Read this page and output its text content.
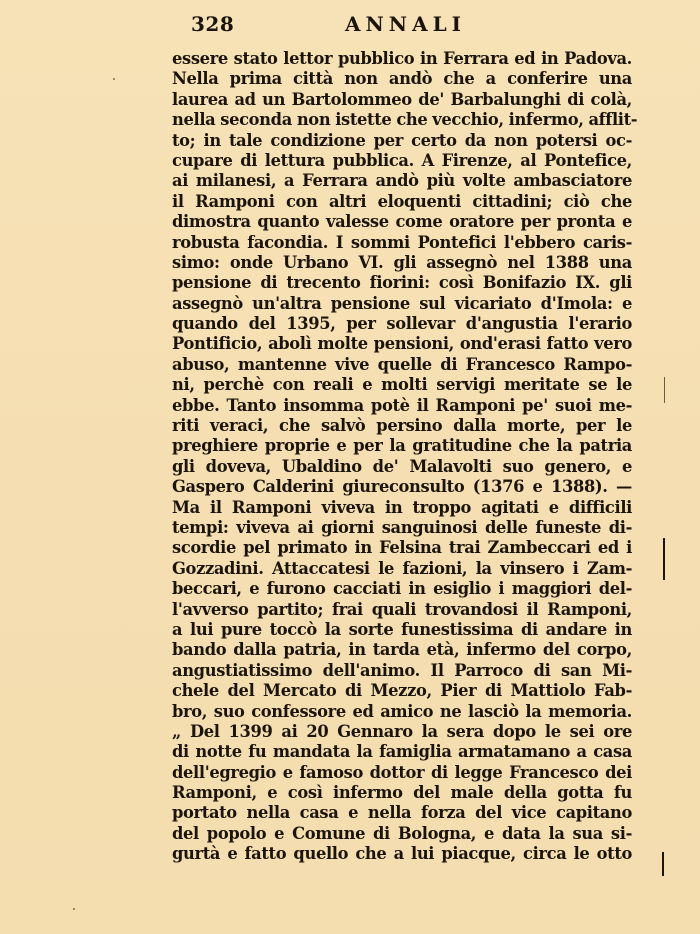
328	ANNALI
essere stato lettor pubblico in Ferrara ed in Padova.
Nella prima città non andò che a conferire una
laurea ad un Bartolommeo de' Barbalunghi di colà,
nella seconda non istette che vecchio, infermo, afflit-
to; in tale condizione per certo da non potersi oc-
cupare di lettura pubblica. A Firenze, al Pontefice,
ai milanesi, a Ferrara andò più volte ambasciatore
il Ramponi con altri eloquenti cittadini; ciò che
dimostra quanto valesse come oratore per pronta e
robusta facondia. I sommi Pontefici l'ebbero caris-
simo: onde Urbano VI. gli assegnò nel 1388 una
pensione di trecento fiorini: così Bonifazio IX. gli
assegnò un'altra pensione sul vicariato d'Imola: e
quando del 1395, per sollevar d'angustia l'erario
Pontificio, abolì molte pensioni, ond'erasi fatto vero
abuso, mantenne vive quelle di Francesco Rampo-
ni, perchè con reali e molti servigi meritate se le
ebbe. Tanto insomma potè il Ramponi pe' suoi me-
riti veraci, che salvò persino dalla morte, per le
preghiere proprie e per la gratitudine che la patria
gli doveva, Ubaldino de' Malavolti suo genero, e
Gaspero Calderini giureconsulto (1376 e 1388). —
Ma il Ramponi viveva in troppo agitati e difficili
tempi: viveva ai giorni sanguinosi delle funeste di-
scordie pel primato in Felsina trai Zambeccari ed i
Gozzadini. Attaccatesi le fazioni, la vinsero i Zam-
beccari, e furono cacciati in esiglio i maggiori del-
l'avverso partito; frai quali trovandosi il Ramponi,
a lui pure toccò la sorte funestissima di andare in
bando dalla patria, in tarda età, infermo del corpo,
angustiatissimo dell'animo. Il Parroco di san Mi-
chele del Mercato di Mezzo, Pier di Mattiolo Fab-
bro, suo confessore ed amico ne lasciò la memoria.
„ Del 1399 ai 20 Gennaro la sera dopo le sei ore
di notte fu mandata la famiglia armatamano a casa
dell'egregio e famoso dottor di legge Francesco dei
Ramponi, e così infermo del male della gotta fu
portato nella casa e nella forza del vice capitano
del popolo e Comune di Bologna, e data la sua si-
gurtà e fatto quello che a lui piacque, circa le otto
